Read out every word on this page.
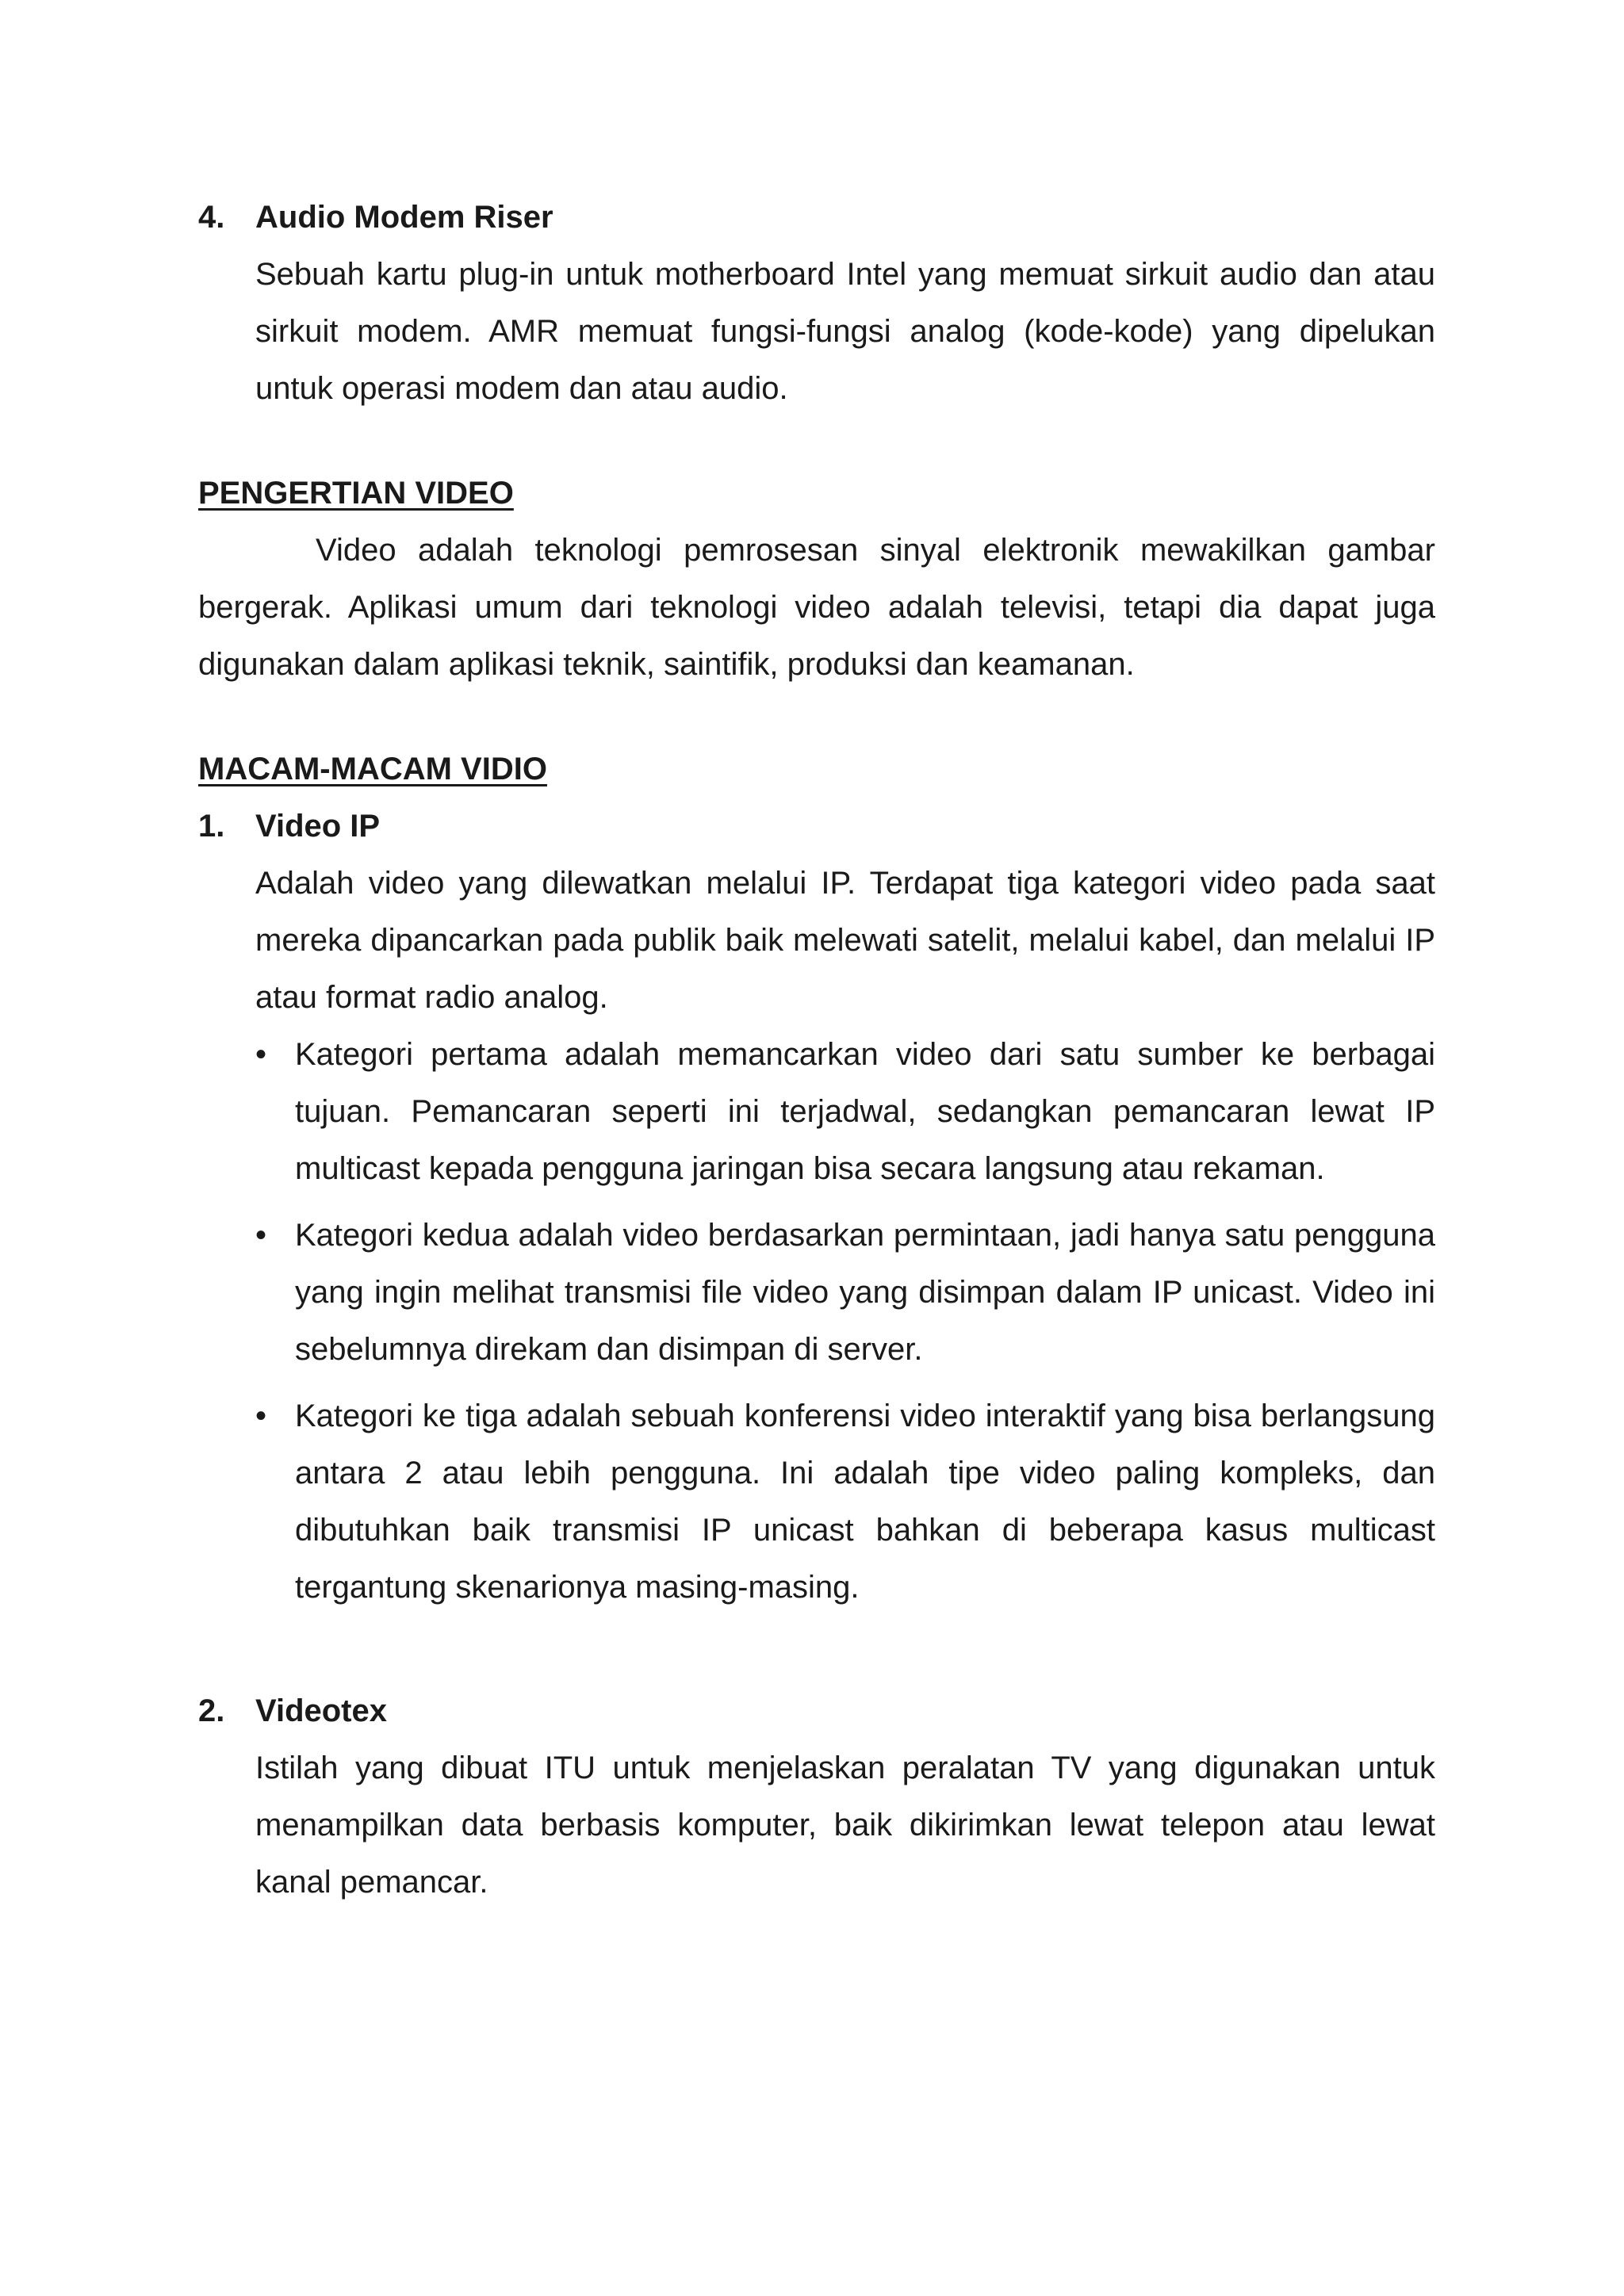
4. Audio Modem Riser

Sebuah kartu plug-in untuk motherboard Intel yang memuat sirkuit audio dan atau sirkuit modem. AMR memuat fungsi-fungsi analog (kode-kode) yang dipelukan untuk operasi modem dan atau audio.

PENGERTIAN VIDEO

Video adalah teknologi pemrosesan sinyal elektronik mewakilkan gambar bergerak. Aplikasi umum dari teknologi video adalah televisi, tetapi dia dapat juga digunakan dalam aplikasi teknik, saintifik, produksi dan keamanan.

MACAM-MACAM VIDIO

1. Video IP

Adalah video yang dilewatkan melalui IP. Terdapat tiga kategori video pada saat mereka dipancarkan pada publik baik melewati satelit, melalui kabel, dan melalui IP atau format radio analog.

• Kategori pertama adalah memancarkan video dari satu sumber ke berbagai tujuan. Pemancaran seperti ini terjadwal, sedangkan pemancaran lewat IP multicast kepada pengguna jaringan bisa secara langsung atau rekaman.
• Kategori kedua adalah video berdasarkan permintaan, jadi hanya satu pengguna yang ingin melihat transmisi file video yang disimpan dalam IP unicast. Video ini sebelumnya direkam dan disimpan di server.
• Kategori ke tiga adalah sebuah konferensi video interaktif yang bisa berlangsung antara 2 atau lebih pengguna. Ini adalah tipe video paling kompleks, dan dibutuhkan baik transmisi IP unicast bahkan di beberapa kasus multicast tergantung skenarionya masing-masing.
2. Videotex

Istilah yang dibuat ITU untuk menjelaskan peralatan TV yang digunakan untuk menampilkan data berbasis komputer, baik dikirimkan lewat telepon atau lewat kanal pemancar.
